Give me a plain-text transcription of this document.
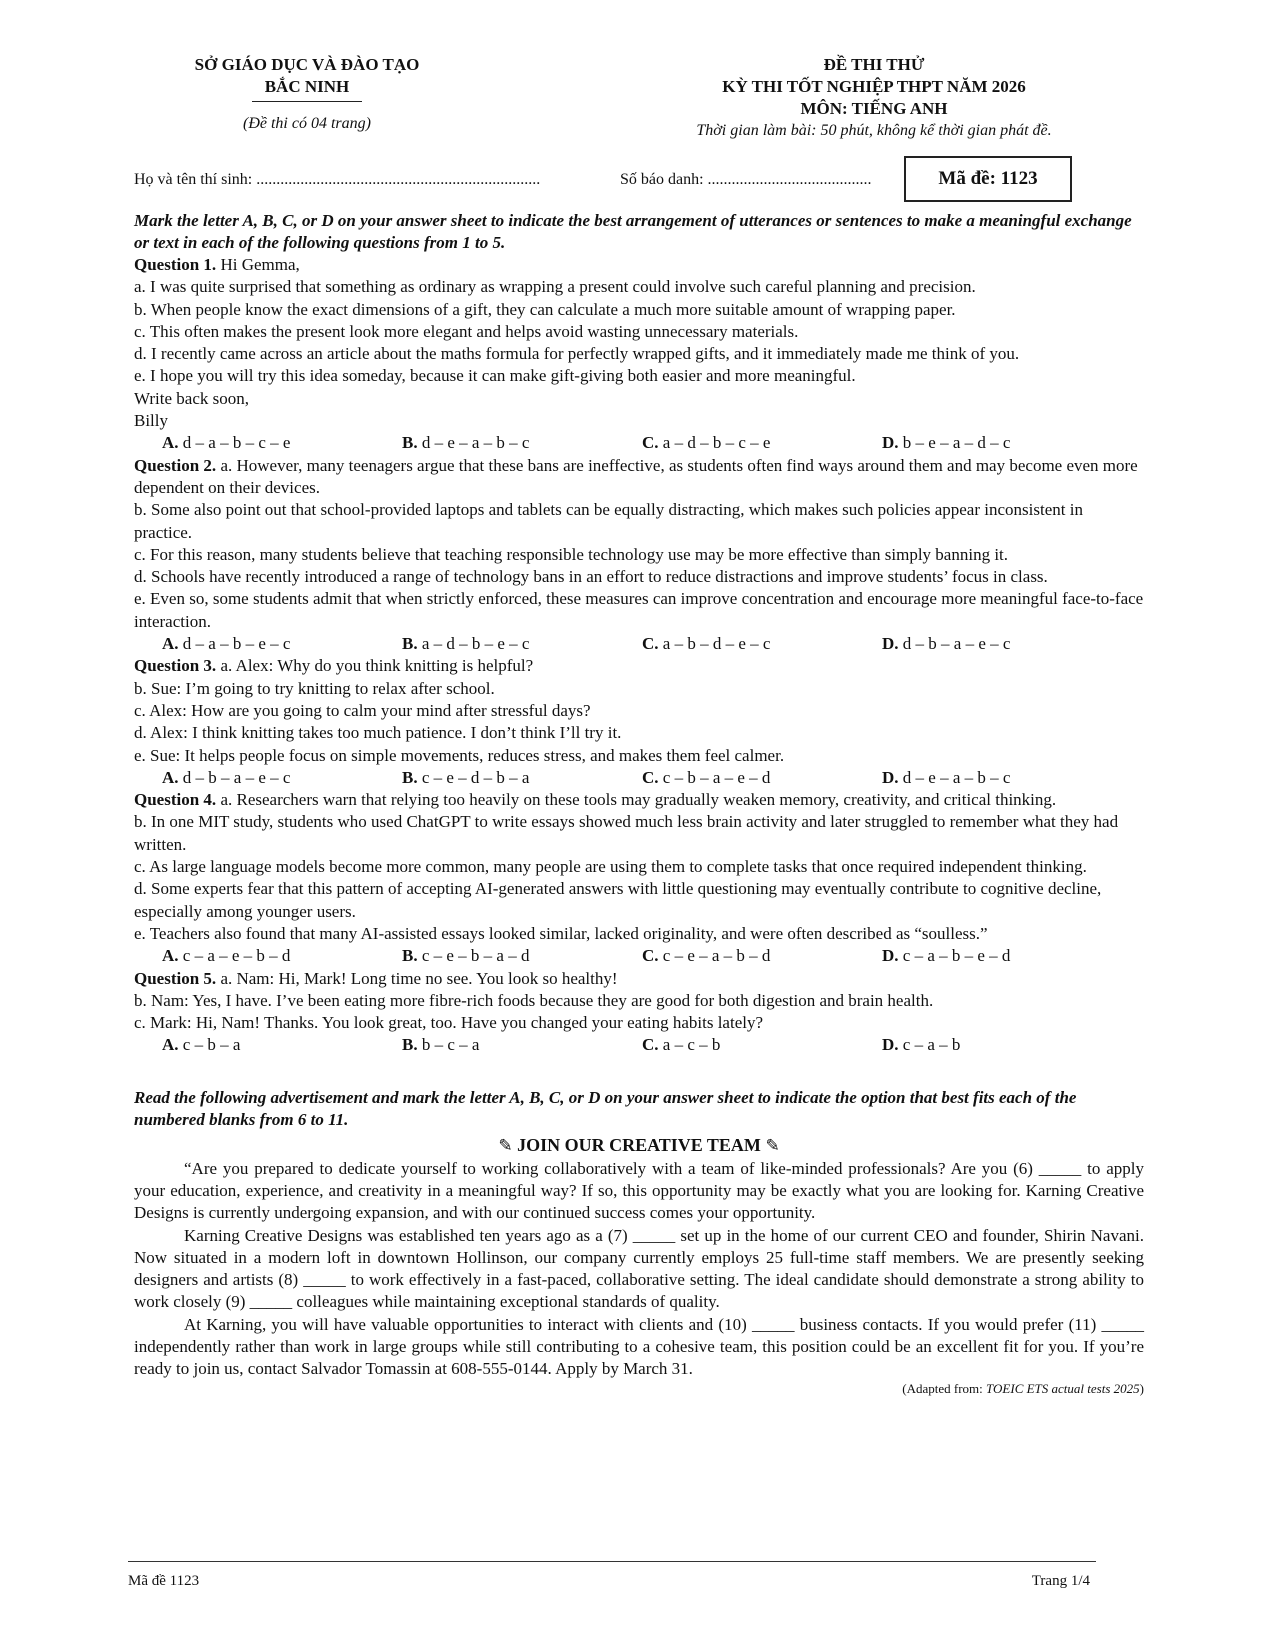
SỞ GIÁO DỤC VÀ ĐÀO TẠO
BẮC NINH
(Đề thi có 04 trang)
ĐỀ THI THỬ
KỲ THI TỐT NGHIỆP THPT NĂM 2026
MÔN: TIẾNG ANH
Thời gian làm bài: 50 phút, không kể thời gian phát đề.
Họ và tên thí sinh: .......................................................................	Số báo danh: .........................................	Mã đề: 1123

Mark the letter A, B, C, or D on your answer sheet to indicate the best arrangement of utterances or sentences to make a meaningful exchange or text in each of the following questions from 1 to 5.

Question 1. Hi Gemma,

a. I was quite surprised that something as ordinary as wrapping a present could involve such careful planning and precision.

b. When people know the exact dimensions of a gift, they can calculate a much more suitable amount of wrapping paper.

c. This often makes the present look more elegant and helps avoid wasting unnecessary materials.

d. I recently came across an article about the maths formula for perfectly wrapped gifts, and it immediately made me think of you.

e. I hope you will try this idea someday, because it can make gift-giving both easier and more meaningful.

Write back soon,

Billy

A. d – a – b – c – e	B. d – e – a – b – c	C. a – d – b – c – e	D. b – e – a – d – c

Question 2. a. However, many teenagers argue that these bans are ineffective, as students often find ways around them and may become even more dependent on their devices.

b. Some also point out that school-provided laptops and tablets can be equally distracting, which makes such policies appear inconsistent in practice.

c. For this reason, many students believe that teaching responsible technology use may be more effective than simply banning it.

d. Schools have recently introduced a range of technology bans in an effort to reduce distractions and improve students’ focus in class.

e. Even so, some students admit that when strictly enforced, these measures can improve concentration and encourage more meaningful face-to-face interaction.

A. d – a – b – e – c	B. a – d – b – e – c	C. a – b – d – e – c	D. d – b – a – e – c

Question 3. a. Alex: Why do you think knitting is helpful?

b. Sue: I’m going to try knitting to relax after school.

c. Alex: How are you going to calm your mind after stressful days?

d. Alex: I think knitting takes too much patience. I don’t think I’ll try it.

e. Sue: It helps people focus on simple movements, reduces stress, and makes them feel calmer.

A. d – b – a – e – c	B. c – e – d – b – a	C. c – b – a – e – d	D. d – e – a – b – c

Question 4. a. Researchers warn that relying too heavily on these tools may gradually weaken memory, creativity, and critical thinking.

b. In one MIT study, students who used ChatGPT to write essays showed much less brain activity and later struggled to remember what they had written.

c. As large language models become more common, many people are using them to complete tasks that once required independent thinking.

d. Some experts fear that this pattern of accepting AI-generated answers with little questioning may eventually contribute to cognitive decline, especially among younger users.

e. Teachers also found that many AI-assisted essays looked similar, lacked originality, and were often described as “soulless.”

A. c – a – e – b – d	B. c – e – b – a – d	C. c – e – a – b – d	D. c – a – b – e – d

Question 5. a. Nam: Hi, Mark! Long time no see. You look so healthy!

b. Nam: Yes, I have. I’ve been eating more fibre-rich foods because they are good for both digestion and brain health.

c. Mark: Hi, Nam! Thanks. You look great, too. Have you changed your eating habits lately?

A. c – b – a	B. b – c – a	C. a – c – b	D. c – a – b

Read the following advertisement and mark the letter A, B, C, or D on your answer sheet to indicate the option that best fits each of the numbered blanks from 6 to 11.

✎ JOIN OUR CREATIVE TEAM ✎

“Are you prepared to dedicate yourself to working collaboratively with a team of like-minded professionals? Are you (6) _____ to apply your education, experience, and creativity in a meaningful way? If so, this opportunity may be exactly what you are looking for. Karning Creative Designs is currently undergoing expansion, and with our continued success comes your opportunity.

Karning Creative Designs was established ten years ago as a (7) _____ set up in the home of our current CEO and founder, Shirin Navani. Now situated in a modern loft in downtown Hollinson, our company currently employs 25 full-time staff members. We are presently seeking designers and artists (8) _____ to work effectively in a fast-paced, collaborative setting. The ideal candidate should demonstrate a strong ability to work closely (9) _____ colleagues while maintaining exceptional standards of quality.

At Karning, you will have valuable opportunities to interact with clients and (10) _____ business contacts. If you would prefer (11) _____ independently rather than work in large groups while still contributing to a cohesive team, this position could be an excellent fit for you. If you’re ready to join us, contact Salvador Tomassin at 608-555-0144. Apply by March 31.

(Adapted from: TOEIC ETS actual tests 2025)

Mã đề 1123	Trang 1/4
